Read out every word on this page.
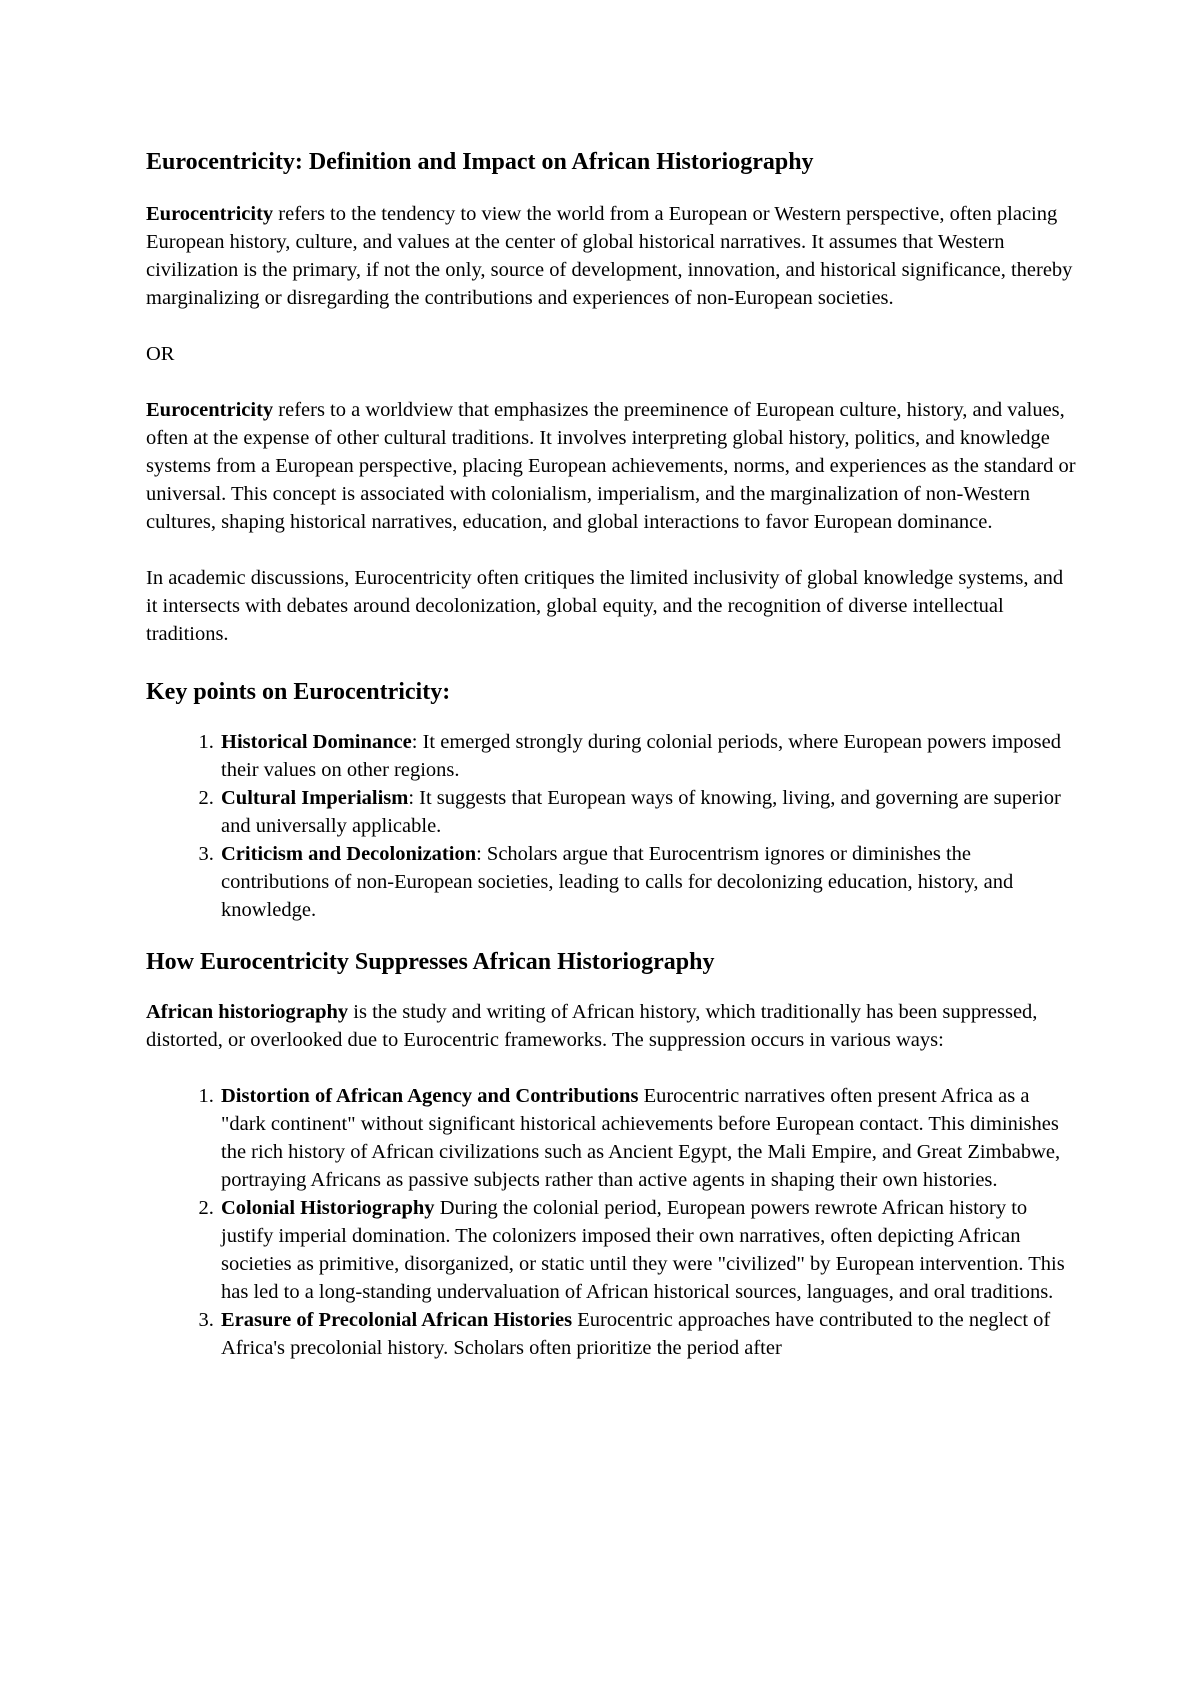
Eurocentricity: Definition and Impact on African Historiography

Eurocentricity refers to the tendency to view the world from a European or Western perspective, often placing European history, culture, and values at the center of global historical narratives. It assumes that Western civilization is the primary, if not the only, source of development, innovation, and historical significance, thereby marginalizing or disregarding the contributions and experiences of non-European societies.

OR

Eurocentricity refers to a worldview that emphasizes the preeminence of European culture, history, and values, often at the expense of other cultural traditions. It involves interpreting global history, politics, and knowledge systems from a European perspective, placing European achievements, norms, and experiences as the standard or universal. This concept is associated with colonialism, imperialism, and the marginalization of non-Western cultures, shaping historical narratives, education, and global interactions to favor European dominance.

In academic discussions, Eurocentricity often critiques the limited inclusivity of global knowledge systems, and it intersects with debates around decolonization, global equity, and the recognition of diverse intellectual traditions.

Key points on Eurocentricity:
1. Historical Dominance: It emerged strongly during colonial periods, where European powers imposed their values on other regions.
2. Cultural Imperialism: It suggests that European ways of knowing, living, and governing are superior and universally applicable.
3. Criticism and Decolonization: Scholars argue that Eurocentrism ignores or diminishes the contributions of non-European societies, leading to calls for decolonizing education, history, and knowledge.
How Eurocentricity Suppresses African Historiography

African historiography is the study and writing of African history, which traditionally has been suppressed, distorted, or overlooked due to Eurocentric frameworks. The suppression occurs in various ways:

1. Distortion of African Agency and Contributions Eurocentric narratives often present Africa as a "dark continent" without significant historical achievements before European contact. This diminishes the rich history of African civilizations such as Ancient Egypt, the Mali Empire, and Great Zimbabwe, portraying Africans as passive subjects rather than active agents in shaping their own histories.
2. Colonial Historiography During the colonial period, European powers rewrote African history to justify imperial domination. The colonizers imposed their own narratives, often depicting African societies as primitive, disorganized, or static until they were "civilized" by European intervention. This has led to a long-standing undervaluation of African historical sources, languages, and oral traditions.
3. Erasure of Precolonial African Histories Eurocentric approaches have contributed to the neglect of Africa's precolonial history. Scholars often prioritize the period after
